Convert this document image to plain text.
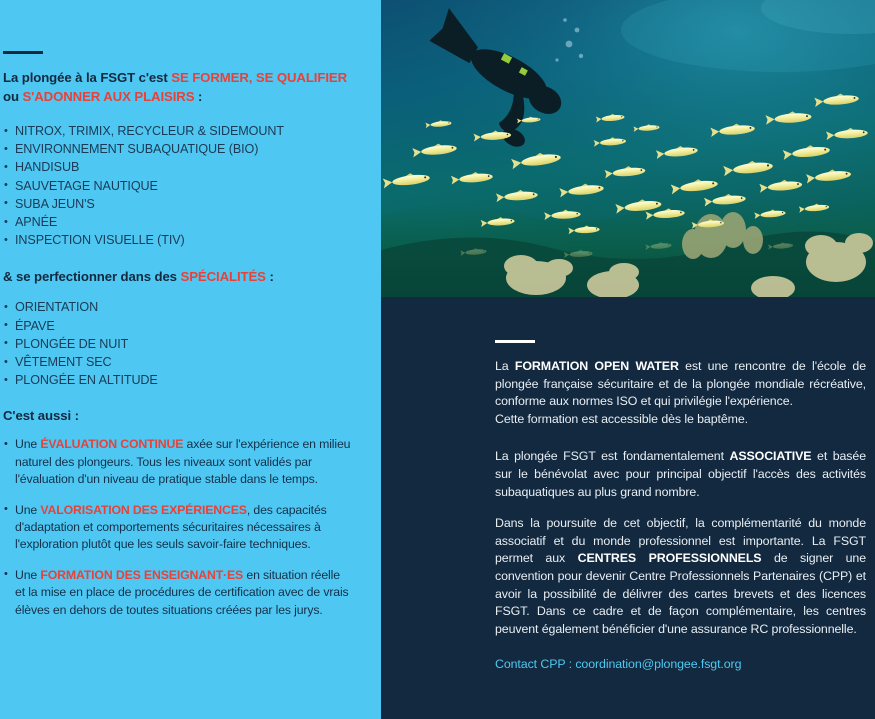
La plongée à la FSGT c'est SE FORMER, SE QUALIFIER
ou S'ADONNER AUX PLAISIRS :

• NITROX, TRIMIX, RECYCLEUR & SIDEMOUNT
• ENVIRONNEMENT SUBAQUATIQUE (BIO)
• HANDISUB
• SAUVETAGE NAUTIQUE
• SUBA JEUN'S
• APNÉE
• INSPECTION VISUELLE (TIV)

& se perfectionner dans des SPÉCIALITÉS :

• ORIENTATION
• ÉPAVE
• PLONGÉE DE NUIT
• VÊTEMENT SEC
• PLONGÉE EN ALTITUDE

C'est aussi :

• Une ÉVALUATION CONTINUE axée sur l'expérience en milieu naturel des plongeurs. Tous les niveaux sont validés par l'évaluation d'un niveau de pratique stable dans le temps.
• Une VALORISATION DES EXPÉRIENCES, des capacités d'adaptation et comportements sécuritaires nécessaires à l'exploration plutôt que les seuls savoir-faire techniques.
• Une FORMATION DES ENSEIGNANT·ES en situation réelle et la mise en place de procédures de certification avec de vrais élèves en dehors de toutes situations créées par les jurys.

La FORMATION OPEN WATER est une rencontre de l'école de plongée française sécuritaire et de la plongée mondiale récréative, conforme aux normes ISO et qui privilégie l'expérience.
Cette formation est accessible dès le baptême.

La plongée FSGT est fondamentalement ASSOCIATIVE et basée sur le bénévolat avec pour principal objectif l'accès des activités subaquatiques au plus grand nombre.

Dans la poursuite de cet objectif, la complémentarité du monde associatif et du monde professionnel est importante. La FSGT permet aux CENTRES PROFESSIONNELS de signer une convention pour devenir Centre Professionnels Partenaires (CPP) et avoir la possibilité de délivrer des cartes brevets et des licences FSGT. Dans ce cadre et de façon complémentaire, les centres peuvent également bénéficier d'une assurance RC professionnelle.

Contact CPP : coordination@plongee.fsgt.org
